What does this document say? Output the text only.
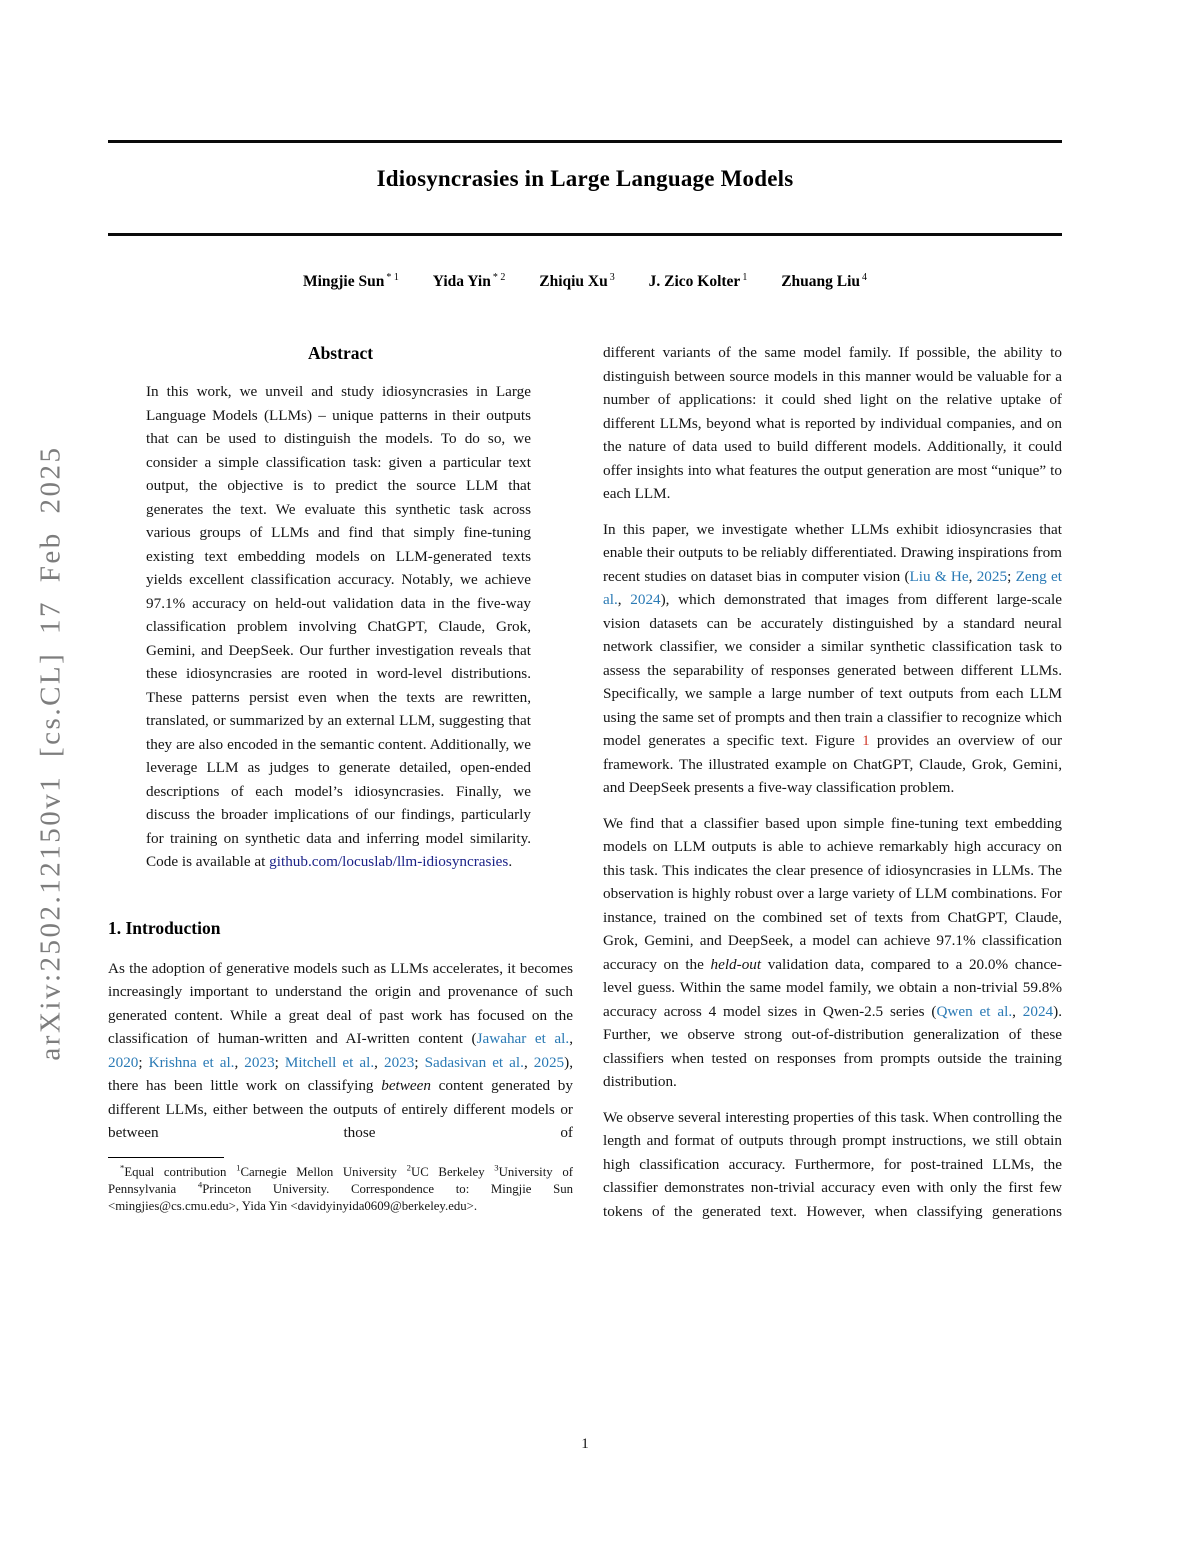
arXiv:2502.12150v1 [cs.CL] 17 Feb 2025
Idiosyncrasies in Large Language Models
Mingjie Sun $^{* 1}$ Yida Yin $^{* 2}$ Zhiqiu Xu $^3$ J. Zico Kolter $^1$ Zhuang Liu $^4$
Abstract
In this work, we unveil and study idiosyncrasies in Large Language Models (LLMs) – unique patterns in their outputs that can be used to distinguish the models. To do so, we consider a simple classification task: given a particular text output, the objective is to predict the source LLM that generates the text. We evaluate this synthetic task across various groups of LLMs and find that simply fine-tuning existing text embedding models on LLM-generated texts yields excellent classification accuracy. Notably, we achieve 97.1% accuracy on held-out validation data in the five-way classification problem involving ChatGPT, Claude, Grok, Gemini, and DeepSeek. Our further investigation reveals that these idiosyncrasies are rooted in word-level distributions. These patterns persist even when the texts are rewritten, translated, or summarized by an external LLM, suggesting that they are also encoded in the semantic content. Additionally, we leverage LLM as judges to generate detailed, open-ended descriptions of each model’s idiosyncrasies. Finally, we discuss the broader implications of our findings, particularly for training on synthetic data and inferring model similarity. Code is available at github.com/locuslab/llm-idiosyncrasies.
1. Introduction

As the adoption of generative models such as LLMs accelerates, it becomes increasingly important to understand the origin and provenance of such generated content. While a great deal of past work has focused on the classification of human-written and AI-written content (Jawahar et al., 2020; Krishna et al., 2023; Mitchell et al., 2023; Sadasivan et al., 2025), there has been little work on classifying between content generated by different LLMs, either between the outputs of entirely different models or between those of

*Equal contribution $^1$Carnegie Mellon University $^2$UC Berkeley $^3$University of Pennsylvania $^4$Princeton University. Correspondence to: Mingjie Sun <mingjies@cs.cmu.edu>, Yida Yin <davidyinyida0609@berkeley.edu>.

different variants of the same model family. If possible, the ability to distinguish between source models in this manner would be valuable for a number of applications: it could shed light on the relative uptake of different LLMs, beyond what is reported by individual companies, and on the nature of data used to build different models. Additionally, it could offer insights into what features the output generation are most “unique” to each LLM.

In this paper, we investigate whether LLMs exhibit idiosyncrasies that enable their outputs to be reliably differentiated. Drawing inspirations from recent studies on dataset bias in computer vision (Liu & He, 2025; Zeng et al., 2024), which demonstrated that images from different large-scale vision datasets can be accurately distinguished by a standard neural network classifier, we consider a similar synthetic classification task to assess the separability of responses generated between different LLMs. Specifically, we sample a large number of text outputs from each LLM using the same set of prompts and then train a classifier to recognize which model generates a specific text. Figure 1 provides an overview of our framework. The illustrated example on ChatGPT, Claude, Grok, Gemini, and DeepSeek presents a five-way classification problem.

We find that a classifier based upon simple fine-tuning text embedding models on LLM outputs is able to achieve remarkably high accuracy on this task. This indicates the clear presence of idiosyncrasies in LLMs. The observation is highly robust over a large variety of LLM combinations. For instance, trained on the combined set of texts from ChatGPT, Claude, Grok, Gemini, and DeepSeek, a model can achieve 97.1% classification accuracy on the held-out validation data, compared to a 20.0% chance-level guess. Within the same model family, we obtain a non-trivial 59.8% accuracy across 4 model sizes in Qwen-2.5 series (Qwen et al., 2024). Further, we observe strong out-of-distribution generalization of these classifiers when tested on responses from prompts outside the training distribution.

We observe several interesting properties of this task. When controlling the length and format of outputs through prompt instructions, we still obtain high classification accuracy. Furthermore, for post-trained LLMs, the classifier demonstrates non-trivial accuracy even with only the first few tokens of the generated text. However, when classifying generations

1
